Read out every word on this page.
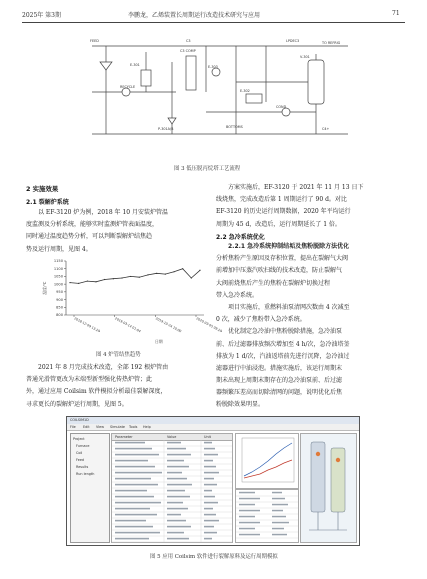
2025年 第3期	李鹏龙，乙烯装置长周期运行改造技术研究与应用	71
LPDEC3
FEED
E-301
C3 COMP
V-301
P-301A/B
E-302
TO REFRIG
E-303
COND
RECYCLE
C4+
BOTTOMS
C3
图 3 低压脱丙烷塔工艺流程
2 实施效果
2.1 裂解炉系统
以 EF-3120 炉为例，2018 年 10 月安装炉管温
度监测及分析系统，能够实时监测炉管表面温度，
同时通过温度趋势分析，可以判断裂解炉结焦趋
势及运行周期，见图 4。
1150
1100
1050
1000
950
900
850
800
温度/℃
2018-12-09 13:29	2019-03-14 01:04	2019-10-24 10:00	2020-03-05 09:29
日期
图 4 炉管结焦趋势
2021 年 8 月完成技术改造，全部 192 根炉管由
普通光滑管更改为末端型新型强化传热炉管；此
外，通过应用 Coilsim 软件模拟分析最佳裂解深度，
寻求更长的裂解炉运行周期，见图 5。
方案实施后，EF-3120 于 2021 年 11 月 13 日下
线烧焦，完成改造后第 1 周期运行了 90 d。对比
EF-3120 的历史运行周期数据，2020 年平均运行
周期为 45 d，改造后，运行周期延长了 1 倍。
2.2 急冷系统优化
2.2.1 急冷系统抑制结垢及焦粉脱除方法优化
分析焦粉产生原因及存积位置，提出在裂解气大阀
前增加中压蒸汽吹扫线的技术改造，防止裂解气
大阀前烧焦后产生的焦粉在裂解炉切换过程
带入急冷系统。
项目实施后，重燃料油泵清网次数由 4 次减至
0 次，减少了焦粉带入急冷系统。
优化制定急冷油中焦粉脱除措施，急冷油泵
前、后过滤器排放频次增加至 4 h/次，急冷油塔釜
排放为 1 d/次，汽油返塔前先进行沉降，急冷油过
滤器进行中油浸泡。措施实施后，该运行周期末
期未出现上周期末期存在的急冷油泵前、后过滤
器频繁压差高而切除清网的问题，说明优化后焦
粉脱除效果明显。
COILSIM1D
File Edit View Simulate Tools Help
Project
Furnace
Coil
Feed
Results
Run length
Parameter	Value	Unit
图 5 应用 Coilsim 软件进行裂解原料及运行周期模拟
